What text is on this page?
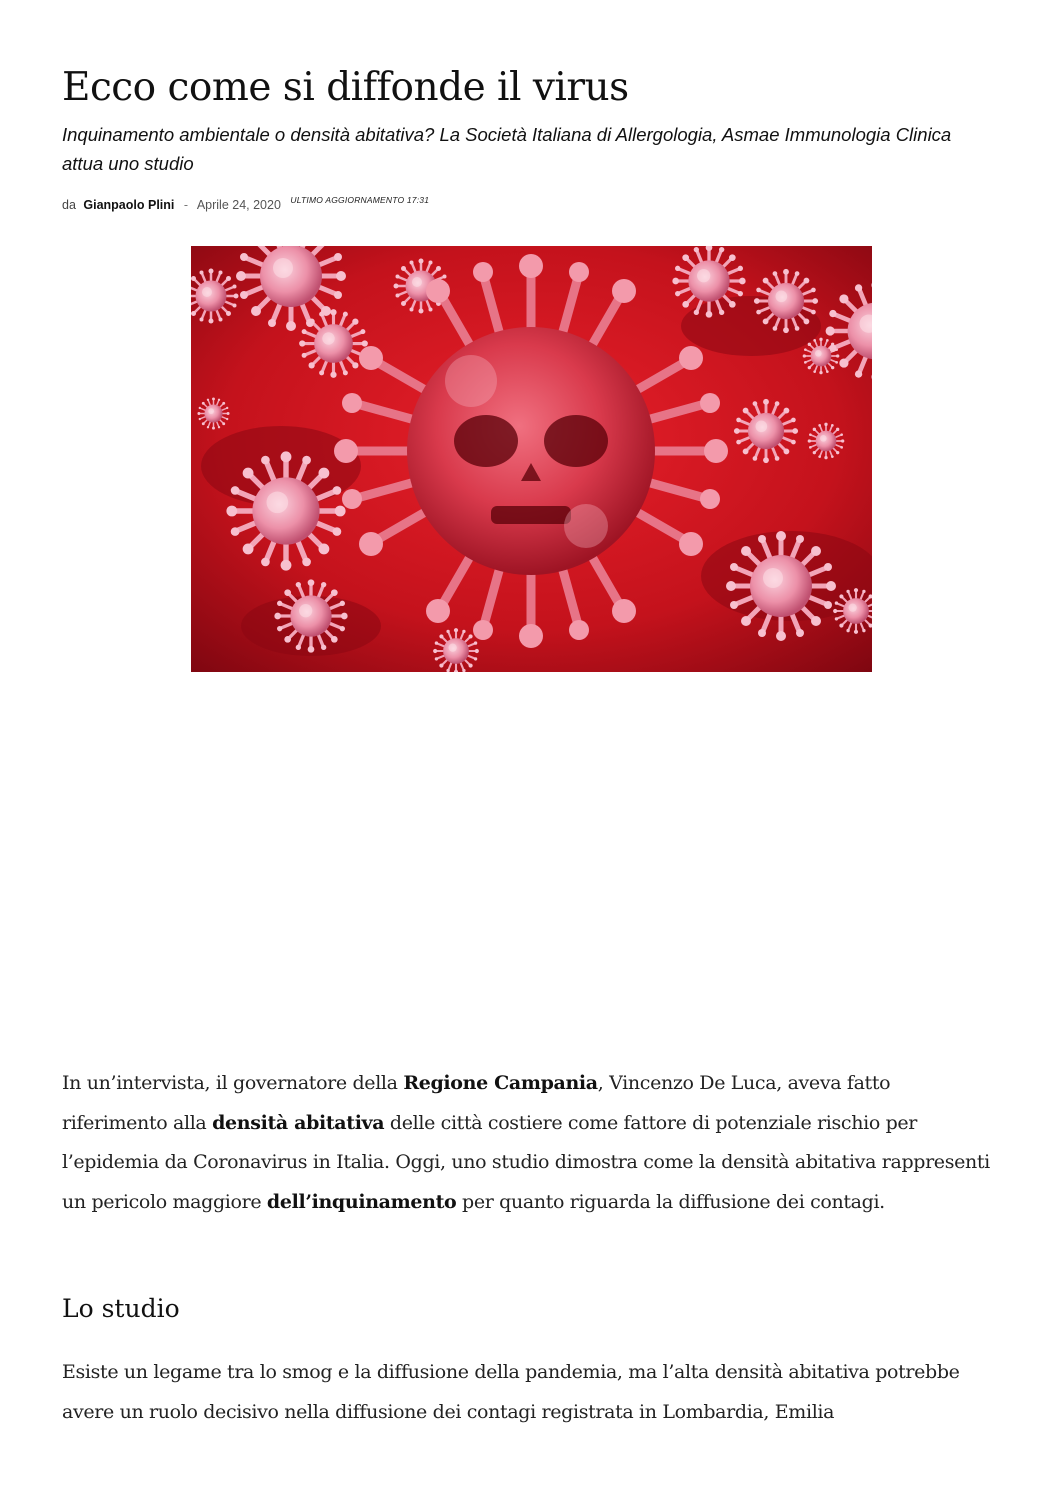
Ecco come si diffonde il virus

Inquinamento ambientale o densità abitativa? La Società Italiana di Allergologia, Asmae Immunologia Clinica attua uno studio

da Gianpaolo Plini - Aprile 24, 2020 $^{ULTIMO AGGIORNAMENTO 17:31}$

In un’intervista, il governatore della Regione Campania, Vincenzo De Luca, aveva fatto riferimento alla densità abitativa delle città costiere come fattore di potenziale rischio per l’epidemia da Coronavirus in Italia. Oggi, uno studio dimostra come la densità abitativa rappresenti un pericolo maggiore dell’inquinamento per quanto riguarda la diffusione dei contagi.

Lo studio

Esiste un legame tra lo smog e la diffusione della pandemia, ma l’alta densità abitativa potrebbe avere un ruolo decisivo nella diffusione dei contagi registrata in Lombardia, Emilia
